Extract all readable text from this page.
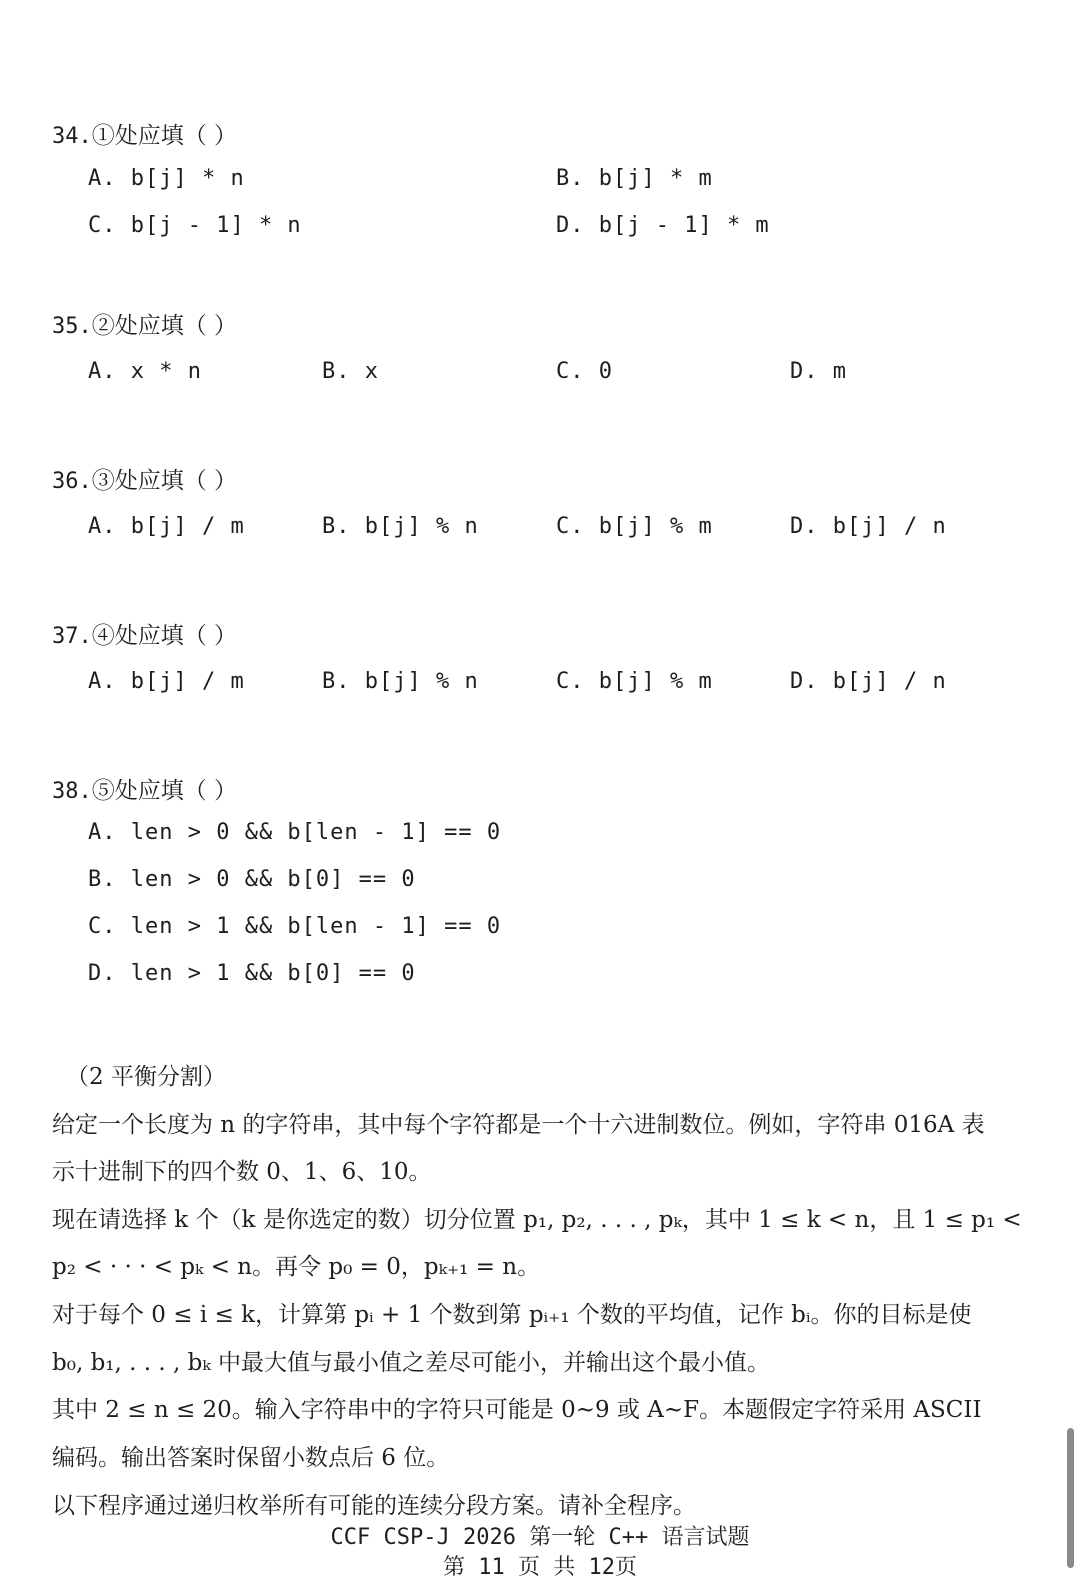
34.①处应填（ ）
A. b[j] * n	B. b[j] * m
C. b[j - 1] * n	D. b[j - 1] * m
35.②处应填（ ）
A. x * n	B. x	C. 0	D. m
36.③处应填（ ）
A. b[j] / m	B. b[j] % n	C. b[j] % m	D. b[j] / n
37.④处应填（ ）
A. b[j] / m	B. b[j] % n	C. b[j] % m	D. b[j] / n
38.⑤处应填（ ）
A. len > 0 && b[len - 1] == 0
B. len > 0 && b[0] == 0
C. len > 1 && b[len - 1] == 0
D. len > 1 && b[0] == 0
（2 平衡分割）
给定一个长度为 n 的字符串，其中每个字符都是一个十六进制数位。例如，字符串 016A 表
示十进制下的四个数 0、1、6、10。
现在请选择 k 个（k 是你选定的数）切分位置 p₁, p₂, . . . , pₖ，其中 1 ≤ k < n，且 1 ≤ p₁ <
p₂ < · · · < pₖ < n。再令 p₀ = 0，pₖ₊₁ = n。
对于每个 0 ≤ i ≤ k，计算第 pᵢ + 1 个数到第 pᵢ₊₁ 个数的平均值，记作 bᵢ。你的目标是使
b₀, b₁, . . . , bₖ 中最大值与最小值之差尽可能小，并输出这个最小值。
其中 2 ≤ n ≤ 20。输入字符串中的字符只可能是 0~9 或 A~F。本题假定字符采用 ASCII
编码。输出答案时保留小数点后 6 位。
以下程序通过递归枚举所有可能的连续分段方案。请补全程序。
CCF CSP-J 2026 第一轮 C++ 语言试题
第 11 页 共 12页
